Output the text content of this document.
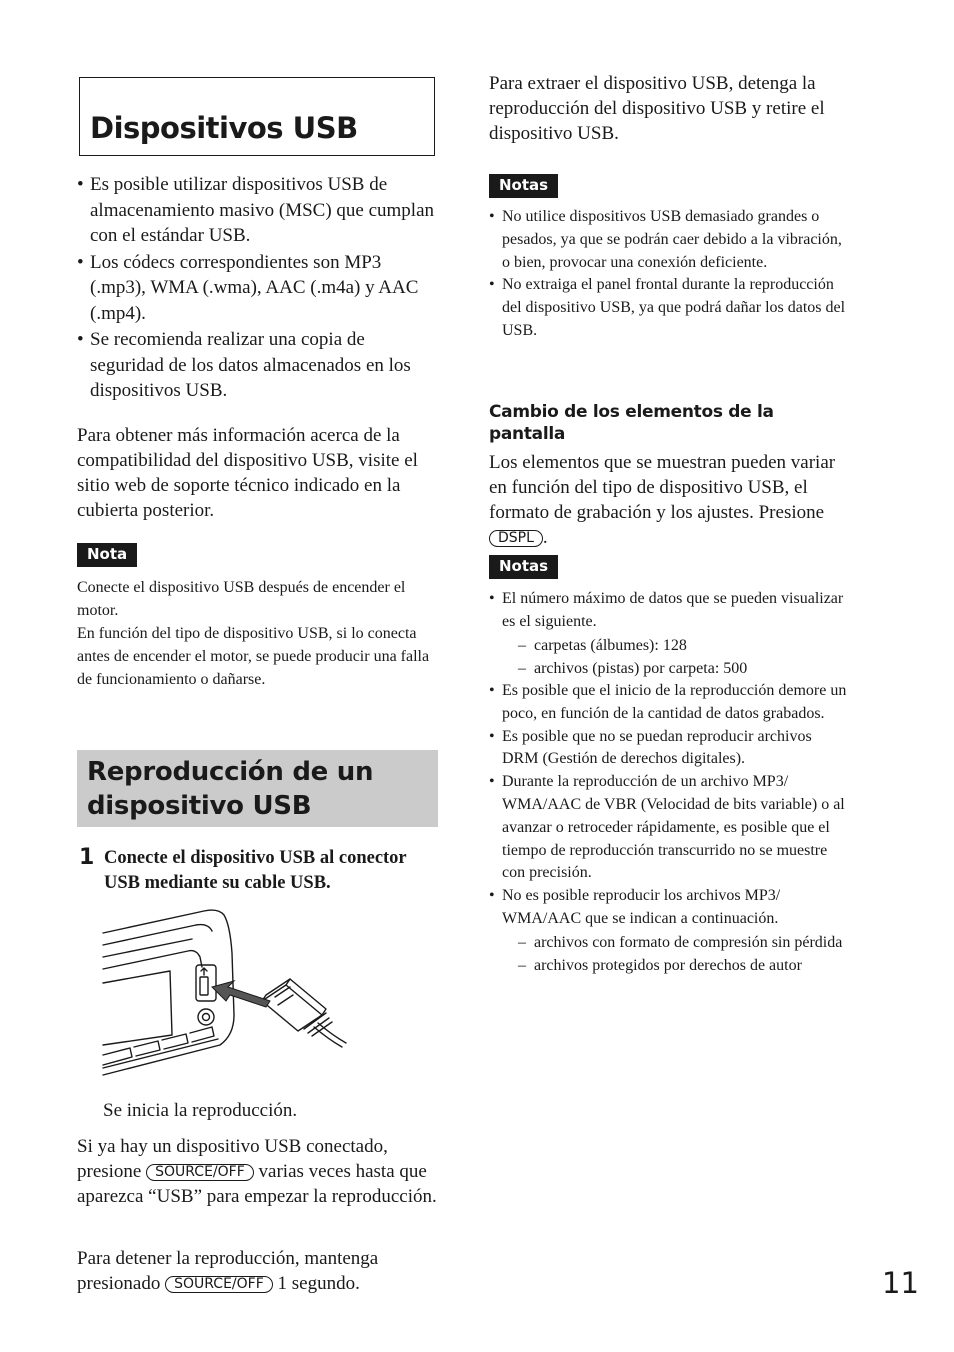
Dispositivos USB
• Es posible utilizar dispositivos USB de almacenamiento masivo (MSC) que cumplan con el estándar USB.
• Los códecs correspondientes son MP3 (.mp3), WMA (.wma), AAC (.m4a) y AAC (.mp4).
• Se recomienda realizar una copia de seguridad de los datos almacenados en los dispositivos USB.

Para obtener más información acerca de la compatibilidad del dispositivo USB, visite el sitio web de soporte técnico indicado en la cubierta posterior.

Nota

Conecte el dispositivo USB después de encender el motor.

En función del tipo de dispositivo USB, si lo conecta antes de encender el motor, se puede producir una falla de funcionamiento o dañarse.

Reproducción de un
dispositivo USB
1 Conecte el dispositivo USB al conector USB mediante su cable USB.

Se inicia la reproducción.

Si ya hay un dispositivo USB conectado, presione SOURCE/OFF varias veces hasta que aparezca “USB” para empezar la reproducción.

Para detener la reproducción, mantenga presionado SOURCE/OFF 1 segundo.

Para extraer el dispositivo USB, detenga la reproducción del dispositivo USB y retire el dispositivo USB.

Notas
• No utilice dispositivos USB demasiado grandes o pesados, ya que se podrán caer debido a la vibración, o bien, provocar una conexión deficiente.
• No extraiga el panel frontal durante la reproducción del dispositivo USB, ya que podrá dañar los datos del USB.

Cambio de los elementos de la pantalla

Los elementos que se muestran pueden variar en función del tipo de dispositivo USB, el formato de grabación y los ajustes. Presione DSPL .

Notas
• El número máximo de datos que se pueden visualizar es el siguiente.
– carpetas (álbumes): 128
– archivos (pistas) por carpeta: 500
• Es posible que el inicio de la reproducción demore un poco, en función de la cantidad de datos grabados.
• Es posible que no se puedan reproducir archivos DRM (Gestión de derechos digitales).
• Durante la reproducción de un archivo MP3/ WMA/AAC de VBR (Velocidad de bits variable) o al avanzar o retroceder rápidamente, es posible que el tiempo de reproducción transcurrido no se muestre con precisión.
• No es posible reproducir los archivos MP3/ WMA/AAC que se indican a continuación.
– archivos con formato de compresión sin pérdida
– archivos protegidos por derechos de autor
11
